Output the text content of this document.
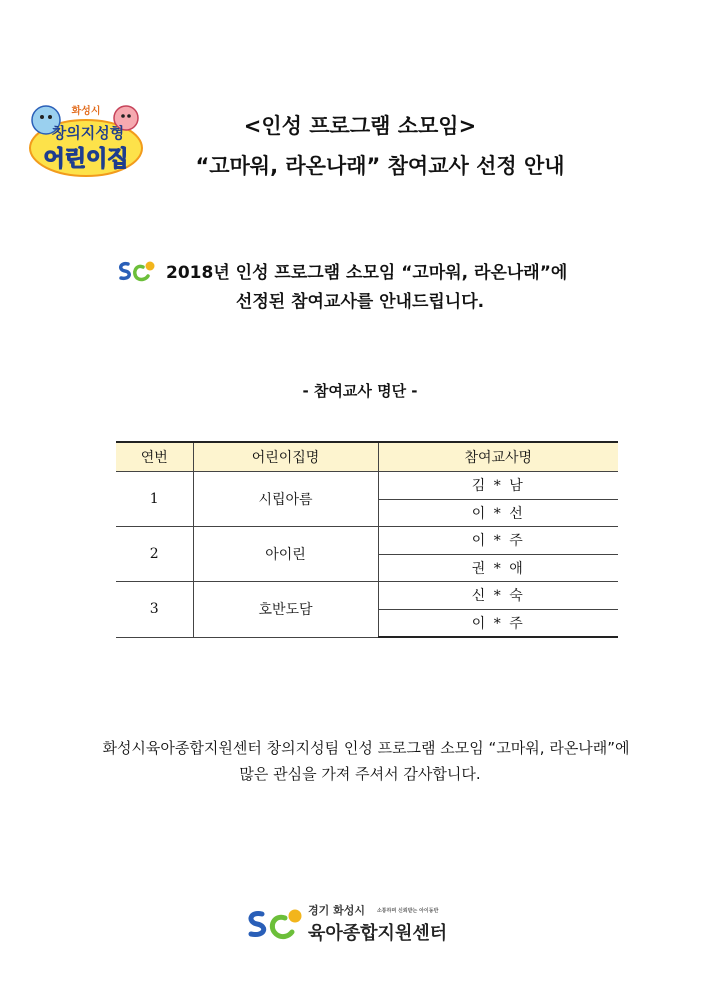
화성시
창의지성형
어린이집
<인성 프로그램 소모임>
“고마워, 라온나래” 참여교사 선정 안내
2018년 인성 프로그램 소모임 “고마워, 라온나래”에
선정된 참여교사를 안내드립니다.
- 참여교사 명단 -
연번	어린이집명	참여교사명
1	시립아름	김 * 남
		이 * 선
2	아이린	이 * 주
		권 * 애
3	호반도담	신 * 숙
		이 * 주
화성시육아종합지원센터 창의지성팀 인성 프로그램 소모임 “고마워, 라온나래”에
많은 관심을 가져 주셔서 감사합니다.
경기 화성시 소통하며 신뢰받는 아이동반
육아종합지원센터
